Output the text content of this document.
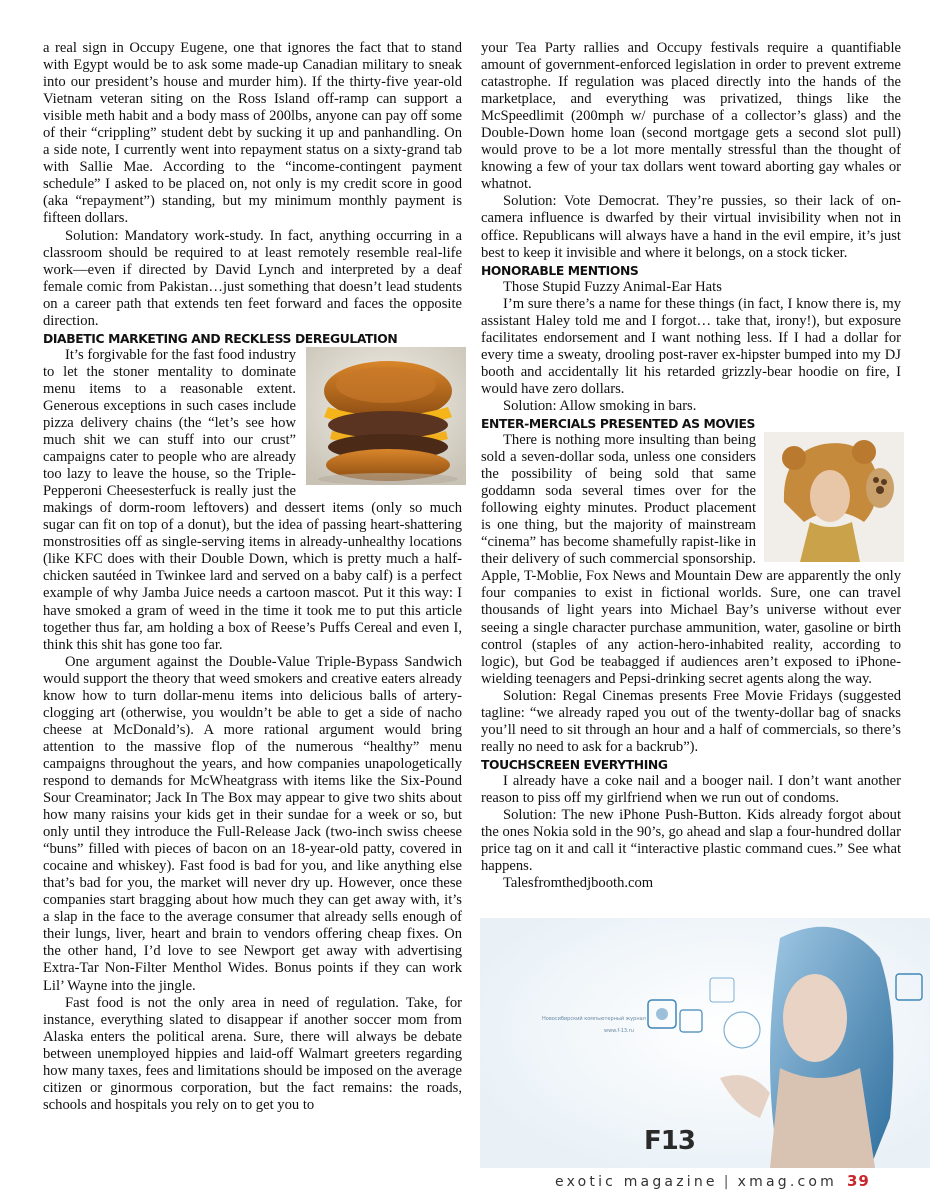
a real sign in Occupy Eugene, one that ignores the fact that to stand with Egypt would be to ask some made-up Canadian military to sneak into our president’s house and murder him). If the thirty-five year-old Vietnam veteran siting on the Ross Island off-ramp can support a visible meth habit and a body mass of 200lbs, anyone can pay off some of their “crippling” student debt by sucking it up and panhandling. On a side note, I currently went into repayment status on a sixty-grand tab with Sallie Mae. According to the “income-contingent payment schedule” I asked to be placed on, not only is my credit score in good (aka “repayment”) standing, but my minimum monthly payment is fifteen dollars.

Solution: Mandatory work-study. In fact, anything occurring in a classroom should be required to at least remotely resemble real-life work—even if directed by David Lynch and interpreted by a deaf female comic from Pakistan…just something that doesn’t lead students on a career path that extends ten feet forward and faces the opposite direction.

DIABETIC MARKETING AND RECKLESS DEREGULATION

It’s forgivable for the fast food industry to let the stoner mentality to dominate menu items to a reasonable extent. Generous exceptions in such cases include pizza delivery chains (the “let’s see how much shit we can stuff into our crust” campaigns cater to people who are already too lazy to leave the house, so the Triple-Pepperoni Cheesesterfuck is really just the makings of dorm-room leftovers) and dessert items (only so much sugar can fit on top of a donut), but the idea of passing heart-shattering monstrosities off as single-serving items in already-unhealthy locations (like KFC does with their Double Down, which is pretty much a half-chicken sautéed in Twinkee lard and served on a baby calf) is a perfect example of why Jamba Juice needs a cartoon mascot. Put it this way: I have smoked a gram of weed in the time it took me to put this article together thus far, am holding a box of Reese’s Puffs Cereal and even I, think this shit has gone too far.

One argument against the Double-Value Triple-Bypass Sandwich would support the theory that weed smokers and creative eaters already know how to turn dollar-menu items into delicious balls of artery-clogging art (otherwise, you wouldn’t be able to get a side of nacho cheese at McDonald’s). A more rational argument would bring attention to the massive flop of the numerous “healthy” menu campaigns throughout the years, and how companies unapologetically respond to demands for McWheatgrass with items like the Six-Pound Sour Creaminator; Jack In The Box may appear to give two shits about how many raisins your kids get in their sundae for a week or so, but only until they introduce the Full-Release Jack (two-inch swiss cheese “buns” filled with pieces of bacon on an 18-year-old patty, covered in cocaine and whiskey). Fast food is bad for you, and like anything else that’s bad for you, the market will never dry up. However, once these companies start bragging about how much they can get away with, it’s a slap in the face to the average consumer that already sells enough of their lungs, liver, heart and brain to vendors offering cheap fixes. On the other hand, I’d love to see Newport get away with advertising Extra-Tar Non-Filter Menthol Wides. Bonus points if they can work Lil’ Wayne into the jingle.

Fast food is not the only area in need of regulation. Take, for instance, everything slated to disappear if another soccer mom from Alaska enters the political arena. Sure, there will always be debate between unemployed hippies and laid-off Walmart greeters regarding how many taxes, fees and limitations should be imposed on the average citizen or ginormous corporation, but the fact remains: the roads, schools and hospitals you rely on to get you to

your Tea Party rallies and Occupy festivals require a quantifiable amount of government-enforced legislation in order to prevent extreme catastrophe. If regulation was placed directly into the hands of the marketplace, and everything was privatized, things like the McSpeedlimit (200mph w/ purchase of a collector’s glass) and the Double-Down home loan (second mortgage gets a second slot pull) would prove to be a lot more mentally stressful than the thought of knowing a few of your tax dollars went toward aborting gay whales or whatnot.

Solution: Vote Democrat. They’re pussies, so their lack of on-camera influence is dwarfed by their virtual invisibility when not in office. Republicans will always have a hand in the evil empire, it’s just best to keep it invisible and where it belongs, on a stock ticker.

HONORABLE MENTIONS

Those Stupid Fuzzy Animal-Ear Hats

I’m sure there’s a name for these things (in fact, I know there is, my assistant Haley told me and I forgot… take that, irony!), but exposure facilitates endorsement and I want nothing less. If I had a dollar for every time a sweaty, drooling post-raver ex-hipster bumped into my DJ booth and accidentally lit his retarded grizzly-bear hoodie on fire, I would have zero dollars.

Solution: Allow smoking in bars.

ENTER-MERCIALS PRESENTED AS MOVIES

There is nothing more insulting than being sold a seven-dollar soda, unless one considers the possibility of being sold that same goddamn soda several times over for the following eighty minutes. Product placement is one thing, but the majority of mainstream “cinema” has become shamefully rapist-like in their delivery of such commercial sponsorship. Apple, T-Moblie, Fox News and Mountain Dew are apparently the only four companies to exist in fictional worlds. Sure, one can travel thousands of light years into Michael Bay’s universe without ever seeing a single character purchase ammunition, water, gasoline or birth control (staples of any action-hero-inhabited reality, according to logic), but God be teabagged if audiences aren’t exposed to iPhone-wielding teenagers and Pepsi-drinking secret agents along the way.

Solution: Regal Cinemas presents Free Movie Fridays (suggested tagline: “we already raped you out of the twenty-dollar bag of snacks you’ll need to sit through an hour and a half of commercials, so there’s really no need to ask for a backrub”).

TOUCHSCREEN EVERYTHING

I already have a coke nail and a booger nail. I don’t want another reason to piss off my girlfriend when we run out of condoms.

Solution: The new iPhone Push-Button. Kids already forgot about the ones Nokia sold in the 90’s, go ahead and slap a four-hundred dollar price tag on it and call it “interactive plastic command cues.” See what happens.

Talesfromthedjbooth.com

Новосибирский компьютерный журнал
www.f-13.ru
F13
exotic magazine | xmag.com 39
